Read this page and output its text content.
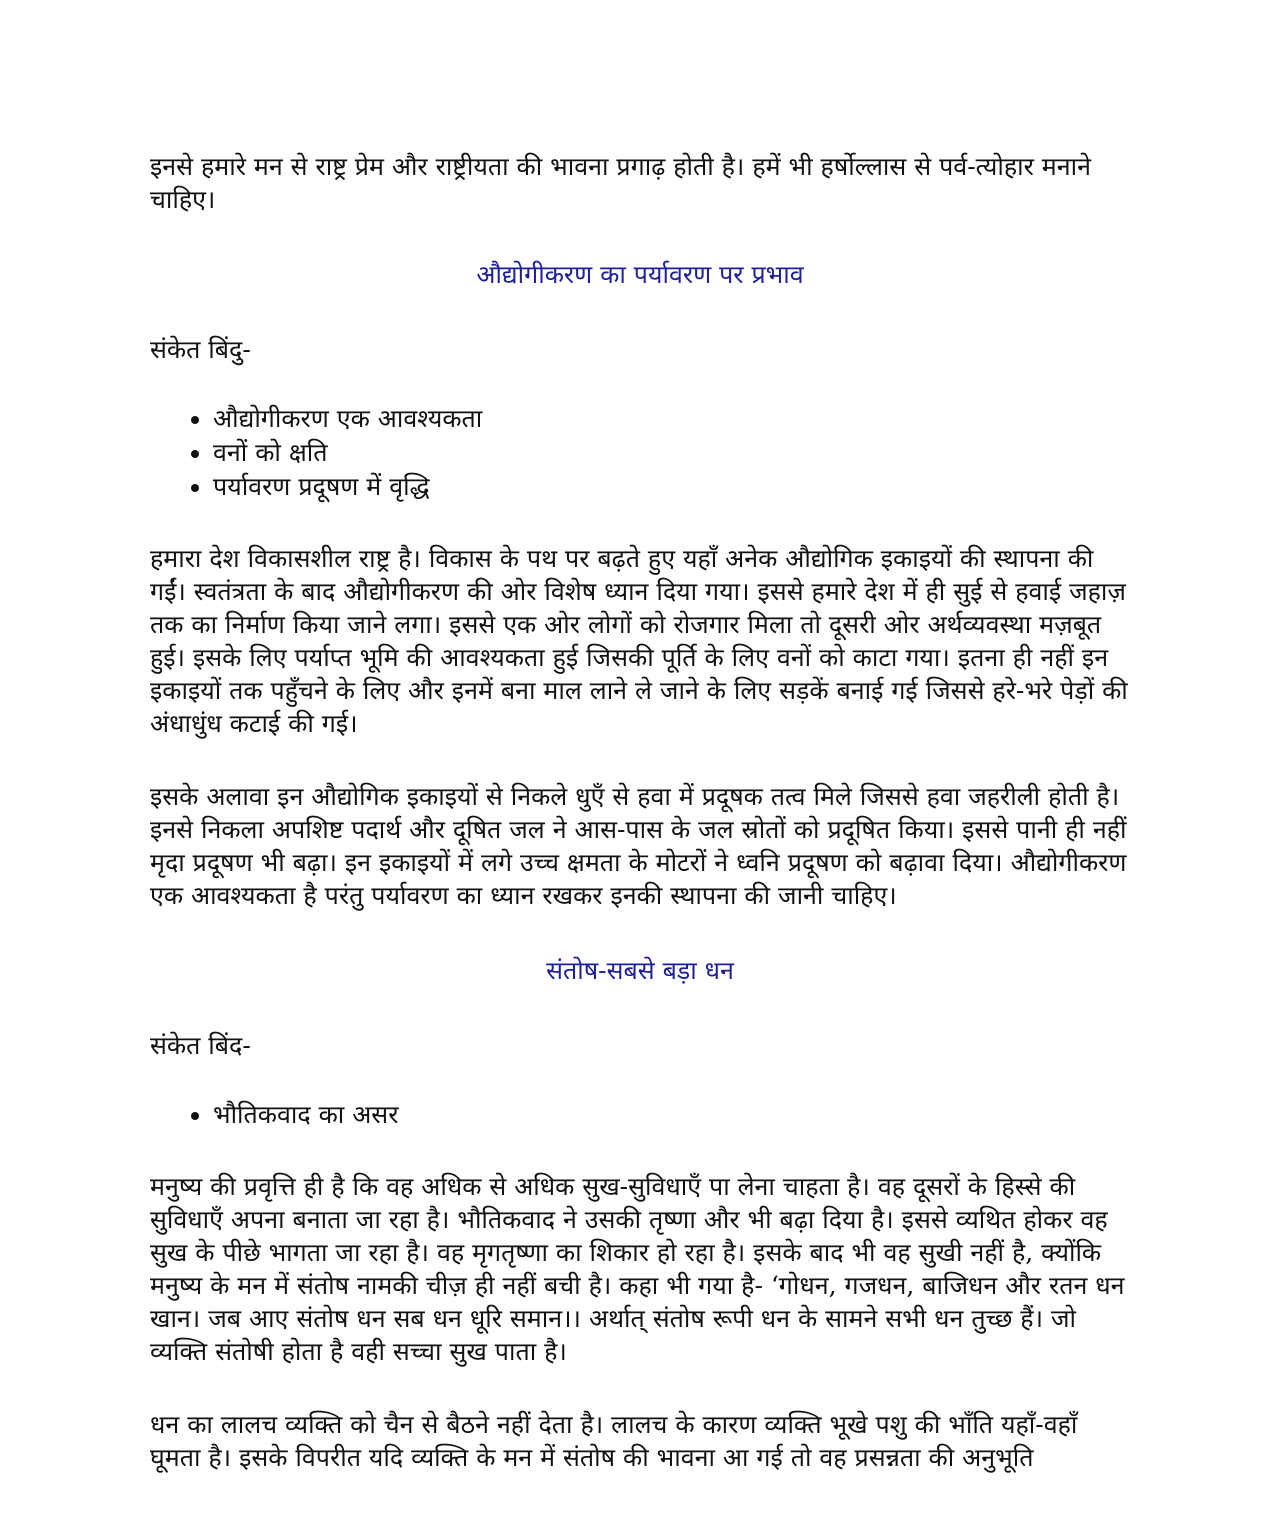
इनसे हमारे मन से राष्ट्र प्रेम और राष्ट्रीयता की भावना प्रगाढ़ होती है। हमें भी हर्षोल्लास से पर्व-त्योहार मनाने चाहिए।

औद्योगीकरण का पर्यावरण पर प्रभाव

संकेत बिंदु-

• औद्योगीकरण एक आवश्यकता
• वनों को क्षति
• पर्यावरण प्रदूषण में वृद्धि

हमारा देश विकासशील राष्ट्र है। विकास के पथ पर बढ़ते हुए यहाँ अनेक औद्योगिक इकाइयों की स्थापना की गईं। स्वतंत्रता के बाद औद्योगीकरण की ओर विशेष ध्यान दिया गया। इससे हमारे देश में ही सुई से हवाई जहाज़ तक का निर्माण किया जाने लगा। इससे एक ओर लोगों को रोजगार मिला तो दूसरी ओर अर्थव्यवस्था मज़बूत हुई। इसके लिए पर्याप्त भूमि की आवश्यकता हुई जिसकी पूर्ति के लिए वनों को काटा गया। इतना ही नहीं इन इकाइयों तक पहुँचने के लिए और इनमें बना माल लाने ले जाने के लिए सड़कें बनाई गई जिससे हरे-भरे पेड़ों की अंधाधुंध कटाई की गई।

इसके अलावा इन औद्योगिक इकाइयों से निकले धुएँ से हवा में प्रदूषक तत्व मिले जिससे हवा जहरीली होती है। इनसे निकला अपशिष्ट पदार्थ और दूषित जल ने आस-पास के जल स्रोतों को प्रदूषित किया। इससे पानी ही नहीं मृदा प्रदूषण भी बढ़ा। इन इकाइयों में लगे उच्च क्षमता के मोटरों ने ध्वनि प्रदूषण को बढ़ावा दिया। औद्योगीकरण एक आवश्यकता है परंतु पर्यावरण का ध्यान रखकर इनकी स्थापना की जानी चाहिए।

संतोष-सबसे बड़ा धन

संकेत बिंद-

• भौतिकवाद का असर

मनुष्य की प्रवृत्ति ही है कि वह अधिक से अधिक सुख-सुविधाएँ पा लेना चाहता है। वह दूसरों के हिस्से की सुविधाएँ अपना बनाता जा रहा है। भौतिकवाद ने उसकी तृष्णा और भी बढ़ा दिया है। इससे व्यथित होकर वह सुख के पीछे भागता जा रहा है। वह मृगतृष्णा का शिकार हो रहा है। इसके बाद भी वह सुखी नहीं है, क्योंकि मनुष्य के मन में संतोष नामकी चीज़ ही नहीं बची है। कहा भी गया है- ‘गोधन, गजधन, बाजिधन और रतन धन खान। जब आए संतोष धन सब धन धूरि समान।। अर्थात् संतोष रूपी धन के सामने सभी धन तुच्छ हैं। जो व्यक्ति संतोषी होता है वही सच्चा सुख पाता है।

धन का लालच व्यक्ति को चैन से बैठने नहीं देता है। लालच के कारण व्यक्ति भूखे पशु की भाँति यहाँ-वहाँ घूमता है। इसके विपरीत यदि व्यक्ति के मन में संतोष की भावना आ गई तो वह प्रसन्नता की अनुभूति
